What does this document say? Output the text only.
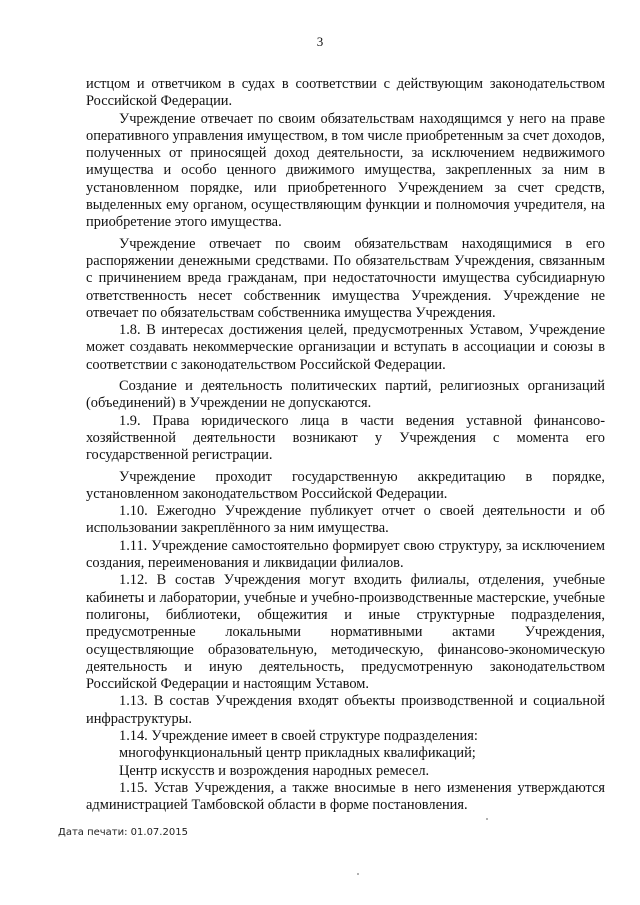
3

истцом и ответчиком в судах в соответствии с действующим законодательством Российской Федерации.

Учреждение отвечает по своим обязательствам находящимся у него на праве оперативного управления имуществом, в том числе приобретенным за счет доходов, полученных от приносящей доход деятельности, за исключением недвижимого имущества и особо ценного движимого имущества, закрепленных за ним в установленном порядке, или приобретенного Учреждением за счет средств, выделенных ему органом, осуществляющим функции и полномочия учредителя, на приобретение этого имущества.

Учреждение отвечает по своим обязательствам находящимися в его распоряжении денежными средствами. По обязательствам Учреждения, связанным с причинением вреда гражданам, при недостаточности имущества субсидиарную ответственность несет собственник имущества Учреждения. Учреждение не отвечает по обязательствам собственника имущества Учреждения.

1.8. В интересах достижения целей, предусмотренных Уставом, Учреждение может создавать некоммерческие организации и вступать в ассоциации и союзы в соответствии с законодательством Российской Федерации.

Создание и деятельность политических партий, религиозных организаций (объединений) в Учреждении не допускаются.

1.9. Права юридического лица в части ведения уставной финансово-хозяйственной деятельности возникают у Учреждения с момента его государственной регистрации.

Учреждение проходит государственную аккредитацию в порядке, установленном законодательством Российской Федерации.

1.10. Ежегодно Учреждение публикует отчет о своей деятельности и об использовании закреплённого за ним имущества.

1.11. Учреждение самостоятельно формирует свою структуру, за исключением создания, переименования и ликвидации филиалов.

1.12. В состав Учреждения могут входить филиалы, отделения, учебные кабинеты и лаборатории, учебные и учебно-производственные мастерские, учебные полигоны, библиотеки, общежития и иные структурные подразделения, предусмотренные локальными нормативными актами Учреждения, осуществляющие образовательную, методическую, финансово-экономическую деятельность и иную деятельность, предусмотренную законодательством Российской Федерации и настоящим Уставом.

1.13. В состав Учреждения входят объекты производственной и социальной инфраструктуры.

1.14. Учреждение имеет в своей структуре подразделения:

многофункциональный центр прикладных квалификаций;

Центр искусств и возрождения народных ремесел.

1.15. Устав Учреждения, а также вносимые в него изменения утверждаются администрацией Тамбовской области в форме постановления.

Дата печати: 01.07.2015
